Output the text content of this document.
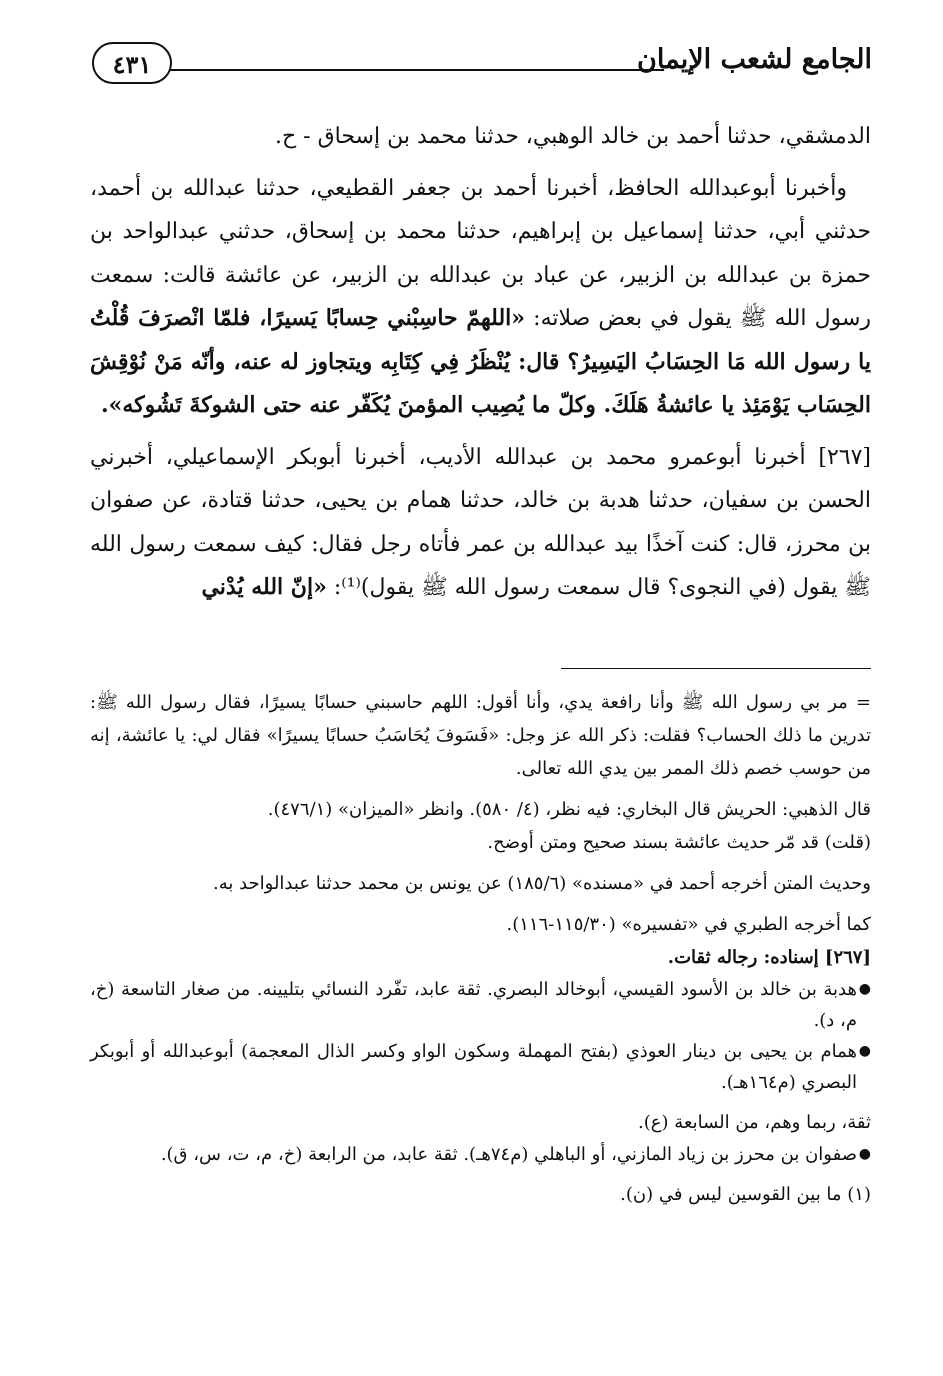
الجامع لشعب الإيمان
٤٣١

الدمشقي، حدثنا أحمد بن خالد الوهبي، حدثنا محمد بن إسحاق - ح.

وأخبرنا أبوعبدالله الحافظ، أخبرنا أحمد بن جعفر القطيعي، حدثنا عبدالله بن أحمد، حدثني أبي، حدثنا إسماعيل بن إبراهيم، حدثنا محمد بن إسحاق، حدثني عبدالواحد بن حمزة بن عبدالله بن الزبير، عن عباد بن عبدالله بن الزبير، عن عائشة قالت: سمعت رسول الله ﷺ يقول في بعض صلاته: «اللهمّ حاسِبْني حِسابًا يَسيرًا، فلمّا انْصرَفَ قُلْتُ يا رسول الله مَا الحِسَابُ اليَسِيرُ؟ قال: يُنْظَرُ فِي كِتَابِه ويتجاوز له عنه، وأنّه مَنْ نُوْقِشَ الحِسَاب يَوْمَئِذ يا عائشةُ هَلَكَ. وكلّ ما يُصِيب المؤمنَ يُكَفّر عنه حتى الشوكةَ تَشُوكه».

[٢٦٧] أخبرنا أبوعمرو محمد بن عبدالله الأديب، أخبرنا أبوبكر الإسماعيلي، أخبرني الحسن بن سفيان، حدثنا هدبة بن خالد، حدثنا همام بن يحيى، حدثنا قتادة، عن صفوان بن محرز، قال: كنت آخذًا بيد عبدالله بن عمر فأتاه رجل فقال: كيف سمعت رسول الله ﷺ يقول (في النجوى؟ قال سمعت رسول الله ﷺ يقول)⁽¹⁾: «إنّ الله يُدْني

= مر بي رسول الله ﷺ وأنا رافعة يدي، وأنا أقول: اللهم حاسبني حسابًا يسيرًا، فقال رسول الله ﷺ: تدرين ما ذلك الحساب؟ فقلت: ذكر الله عز وجل: «فَسَوفَ يُحَاسَبُ حسابًا يسيرًا» فقال لي: يا عائشة، إنه من حوسب خصم ذلك الممر بين يدي الله تعالى.

قال الذهبي: الحريش قال البخاري: فيه نظر، (٤/ ٥٨٠). وانظر «الميزان» (٤٧٦/١).

(قلت) قد مّر حديث عائشة بسند صحيح ومتن أوضح.

وحديث المتن أخرجه أحمد في «مسنده» (١٨٥/٦) عن يونس بن محمد حدثنا عبدالواحد به.

كما أخرجه الطبري في «تفسيره» (١١٥/٣٠-١١٦).

[٢٦٧] إسناده: رجاله ثقات.

●
هدبة بن خالد بن الأسود القيسي، أبوخالد البصري. ثقة عابد، تفّرد النسائي بتليينه. من صغار التاسعة (خ، م، د).
●
همام بن يحيى بن دينار العوذي (بفتح المهملة وسكون الواو وكسر الذال المعجمة) أبوعبدالله أو أبوبكر البصري (م١٦٤هـ).

ثقة، ربما وهم، من السابعة (ع).

●
صفوان بن محرز بن زياد المازني، أو الباهلي (م٧٤هـ). ثقة عابد، من الرابعة (خ، م، ت، س، ق).

(١) ما بين القوسين ليس في (ن).
